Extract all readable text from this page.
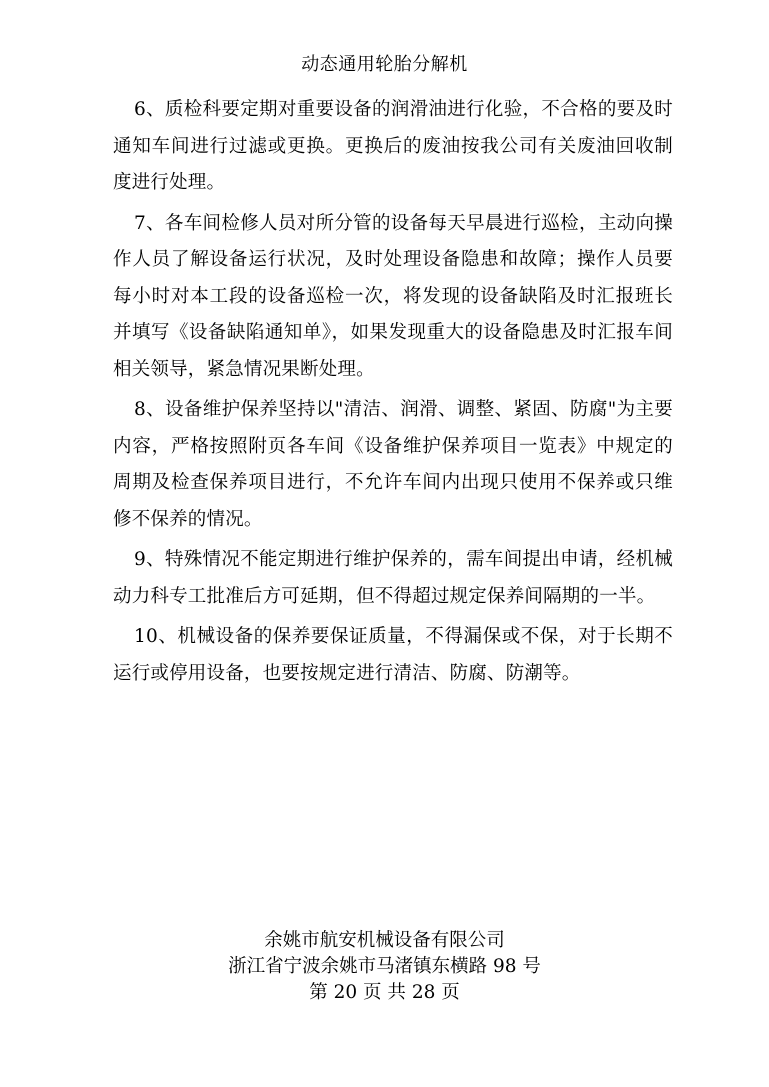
动态通用轮胎分解机

6、质检科要定期对重要设备的润滑油进行化验，不合格的要及时通知车间进行过滤或更换。更换后的废油按我公司有关废油回收制度进行处理。

7、各车间检修人员对所分管的设备每天早晨进行巡检，主动向操作人员了解设备运行状况，及时处理设备隐患和故障；操作人员要每小时对本工段的设备巡检一次，将发现的设备缺陷及时汇报班长并填写《设备缺陷通知单》，如果发现重大的设备隐患及时汇报车间相关领导，紧急情况果断处理。

8、设备维护保养坚持以"清洁、润滑、调整、紧固、防腐"为主要内容，严格按照附页各车间《设备维护保养项目一览表》中规定的周期及检查保养项目进行，不允许车间内出现只使用不保养或只维修不保养的情况。

9、特殊情况不能定期进行维护保养的，需车间提出申请，经机械动力科专工批准后方可延期，但不得超过规定保养间隔期的一半。

10、机械设备的保养要保证质量，不得漏保或不保，对于长期不运行或停用设备，也要按规定进行清洁、防腐、防潮等。

余姚市航安机械设备有限公司
浙江省宁波余姚市马渚镇东横路 98 号
第 20 页 共 28 页
